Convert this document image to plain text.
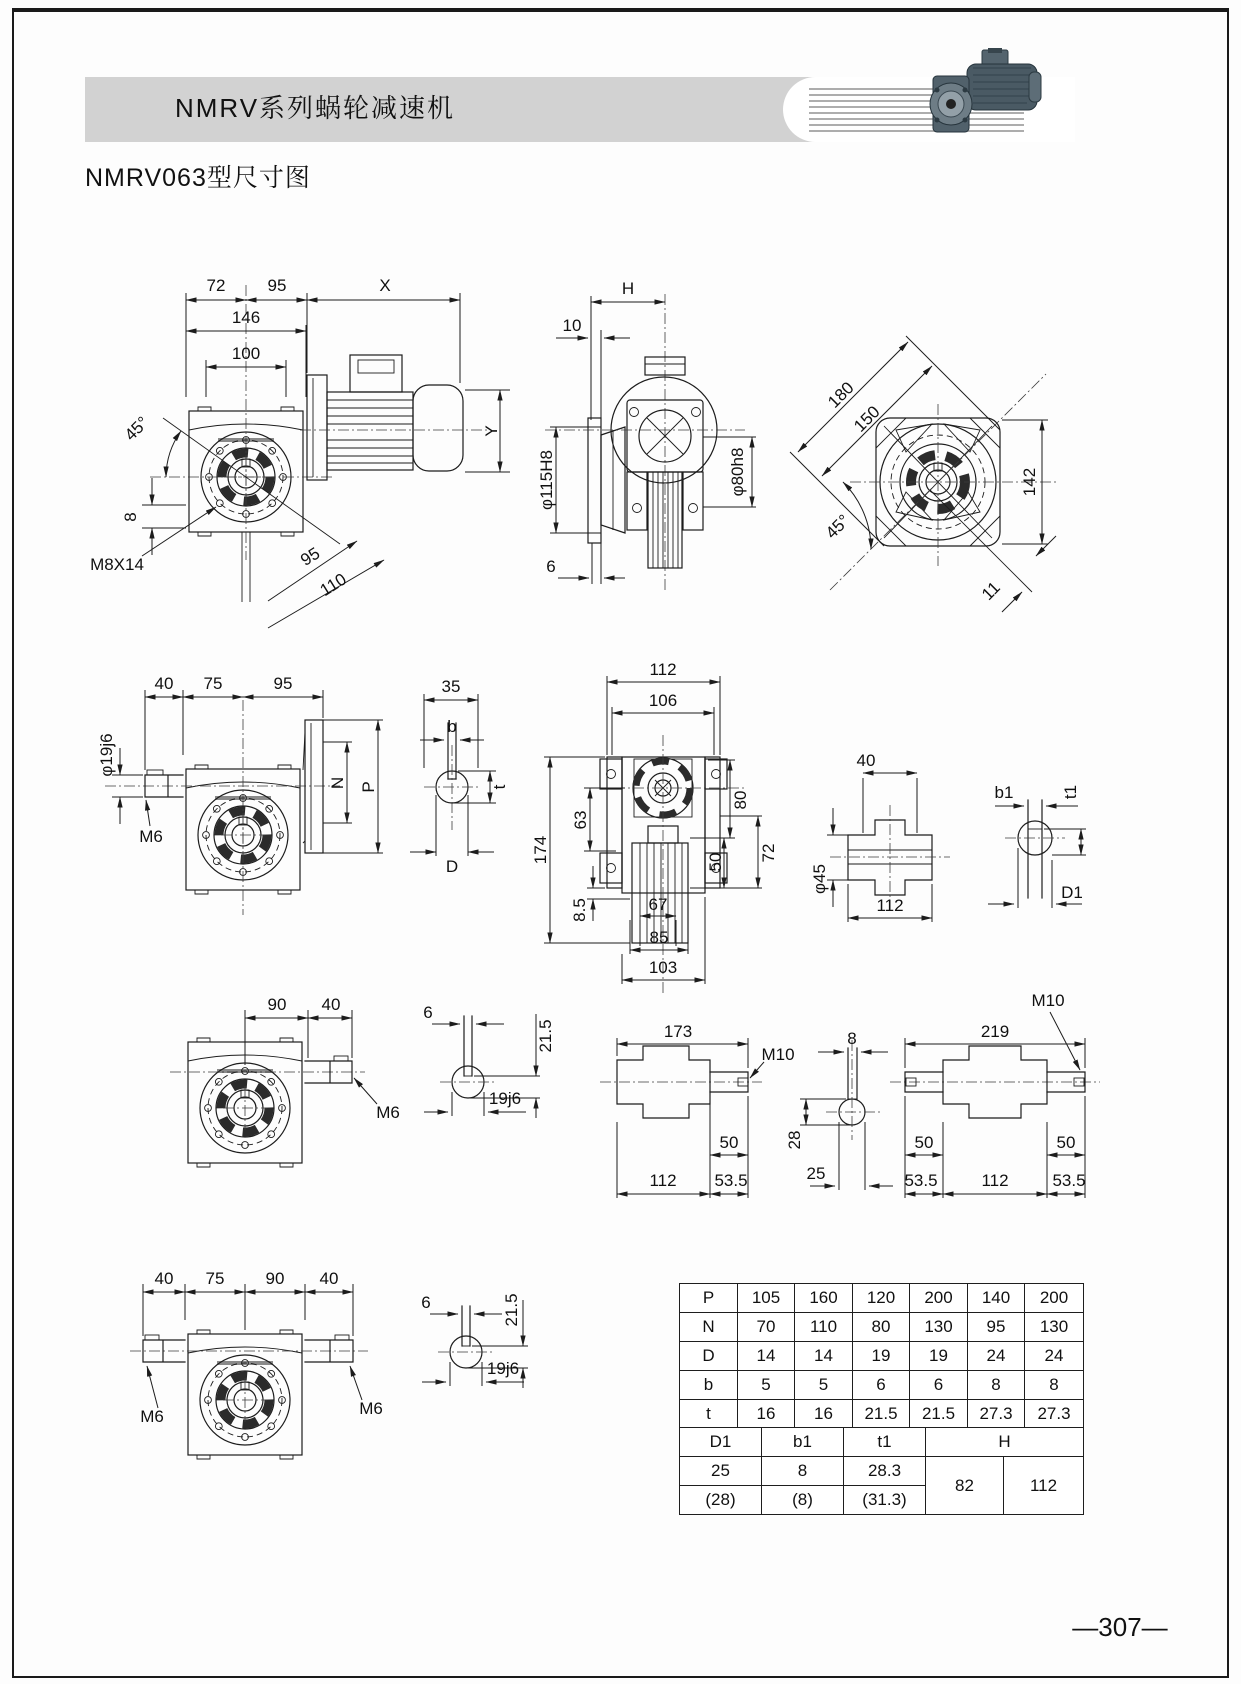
NMRV系列蜗轮减速机
NMRV063型尺寸图
72 95	X
146
100
45°
8
M8X14	95
110
Y
H
10
φ115H8	φ80h8
6
180
150
142
45°
11
40 75	95
φ19j6
M6
N P
35
b
t
D
112
106
174
63
8.5
80
50 72
67
85
103
40
φ45
112
b1	t1
D1
90 40
M6
6
21.5
19j6
173
M10
50
112 53.5
8
28
25
219
M10
50	50
53.5	112	53.5
40 75 90 40
M6	M6
6	21.5
19j6
P	105	160	120	200	140	200
N	70	110	80	130	95	130
D	14	14	19	19	24	24
b	5	5	6	6	8	8
t	16	16	21.5	21.5	27.3	27.3
D1	b1	t1	H	
25	8	28.3	82	112
(28)	(8)	(31.3)		
—307—
